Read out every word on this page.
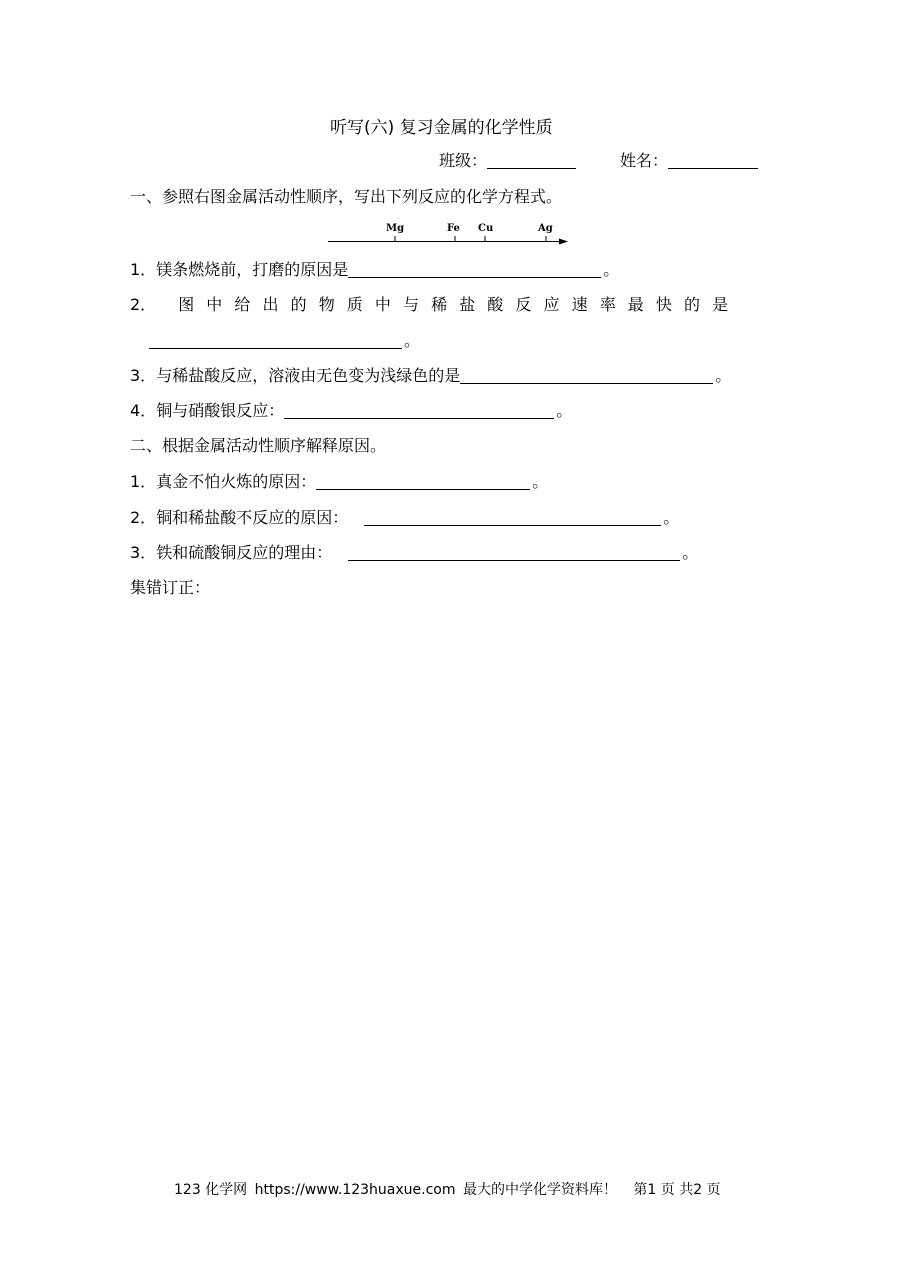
听写(六) 复习金属的化学性质
班级：	姓名：
一、参照右图金属活动性顺序，写出下列反应的化学方程式。
Mg	Fe Cu	Ag
1．镁条燃烧前，打磨的原因是	。
2． 图中给出的物质中与稀盐酸反应速率最快的是
。
3．与稀盐酸反应，溶液由无色变为浅绿色的是	。
4．铜与硝酸银反应：	。
二、根据金属活动性顺序解释原因。
1．真金不怕火炼的原因：	。
2．铜和稀盐酸不反应的原因：	。
3．铁和硫酸铜反应的理由：	。
集错订正：
123 化学网 https://www.123huaxue.com 最大的中学化学资料库！ 第1 页 共2 页
